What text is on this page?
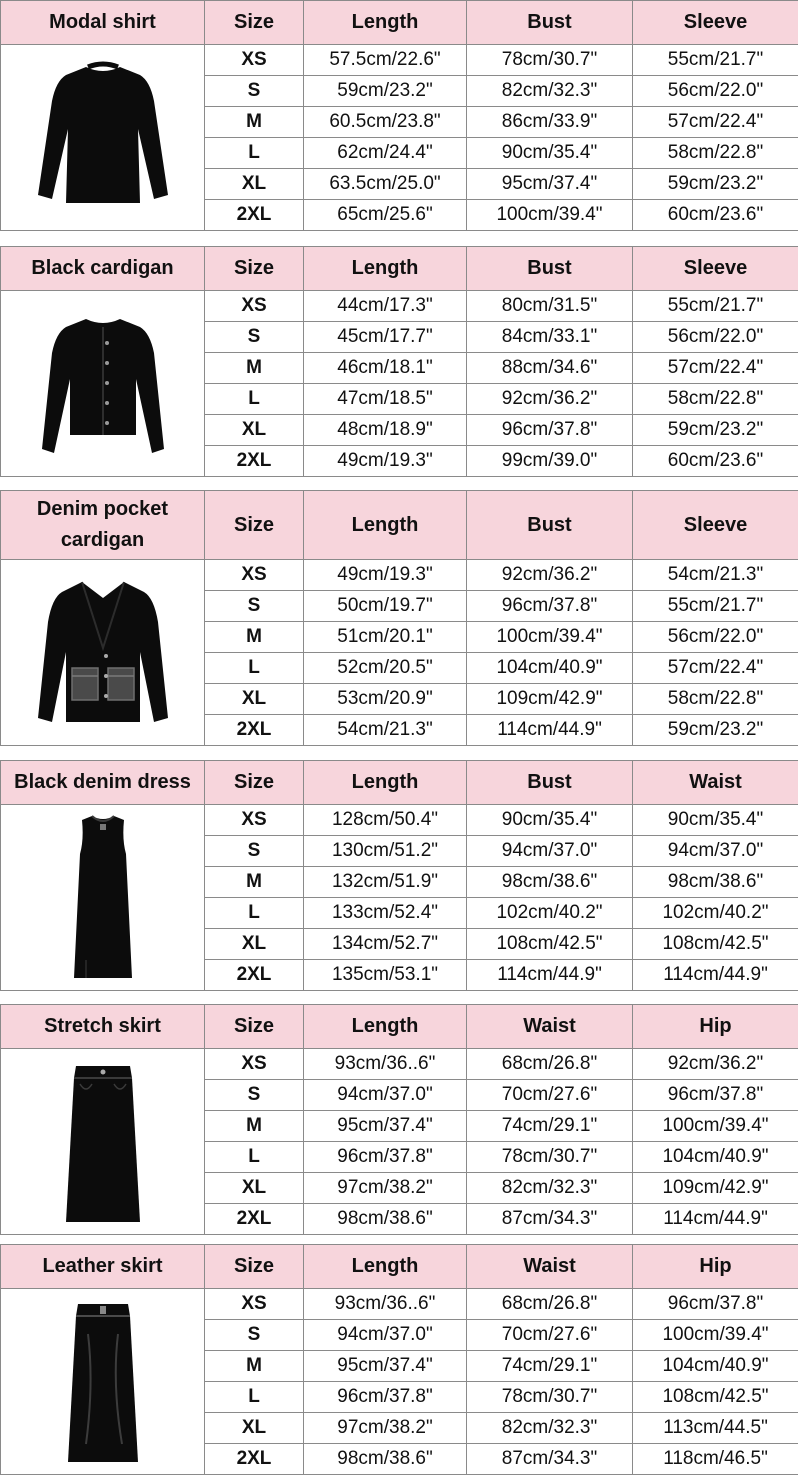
Modal shirt	Size	Length	Bust	Sleeve

	XS	57.5cm/22.6"	78cm/30.7"	55cm/21.7"
	S	59cm/23.2"	82cm/32.3"	56cm/22.0"
	M	60.5cm/23.8"	86cm/33.9"	57cm/22.4"
	L	62cm/24.4"	90cm/35.4"	58cm/22.8"
	XL	63.5cm/25.0"	95cm/37.4"	59cm/23.2"
	2XL	65cm/25.6"	100cm/39.4"	60cm/23.6"
Black cardigan	Size	Length	Bust	Sleeve

	XS	44cm/17.3"	80cm/31.5"	55cm/21.7"
	S	45cm/17.7"	84cm/33.1"	56cm/22.0"
	M	46cm/18.1"	88cm/34.6"	57cm/22.4"
	L	47cm/18.5"	92cm/36.2"	58cm/22.8"
	XL	48cm/18.9"	96cm/37.8"	59cm/23.2"
	2XL	49cm/19.3"	99cm/39.0"	60cm/23.6"
Denim pocket
cardigan	Size	Length	Bust	Sleeve

	XS	49cm/19.3"	92cm/36.2"	54cm/21.3"
	S	50cm/19.7"	96cm/37.8"	55cm/21.7"
	M	51cm/20.1"	100cm/39.4"	56cm/22.0"
	L	52cm/20.5"	104cm/40.9"	57cm/22.4"
	XL	53cm/20.9"	109cm/42.9"	58cm/22.8"
	2XL	54cm/21.3"	114cm/44.9"	59cm/23.2"
Black denim dress	Size	Length	Bust	Waist

	XS	128cm/50.4"	90cm/35.4"	90cm/35.4"
	S	130cm/51.2"	94cm/37.0"	94cm/37.0"
	M	132cm/51.9"	98cm/38.6"	98cm/38.6"
	L	133cm/52.4"	102cm/40.2"	102cm/40.2"
	XL	134cm/52.7"	108cm/42.5"	108cm/42.5"
	2XL	135cm/53.1"	114cm/44.9"	114cm/44.9"
Stretch skirt	Size	Length	Waist	Hip

	XS	93cm/36..6"	68cm/26.8"	92cm/36.2"
	S	94cm/37.0"	70cm/27.6"	96cm/37.8"
	M	95cm/37.4"	74cm/29.1"	100cm/39.4"
	L	96cm/37.8"	78cm/30.7"	104cm/40.9"
	XL	97cm/38.2"	82cm/32.3"	109cm/42.9"
	2XL	98cm/38.6"	87cm/34.3"	114cm/44.9"
Leather skirt	Size	Length	Waist	Hip

	XS	93cm/36..6"	68cm/26.8"	96cm/37.8"
	S	94cm/37.0"	70cm/27.6"	100cm/39.4"
	M	95cm/37.4"	74cm/29.1"	104cm/40.9"
	L	96cm/37.8"	78cm/30.7"	108cm/42.5"
	XL	97cm/38.2"	82cm/32.3"	113cm/44.5"
	2XL	98cm/38.6"	87cm/34.3"	118cm/46.5"
